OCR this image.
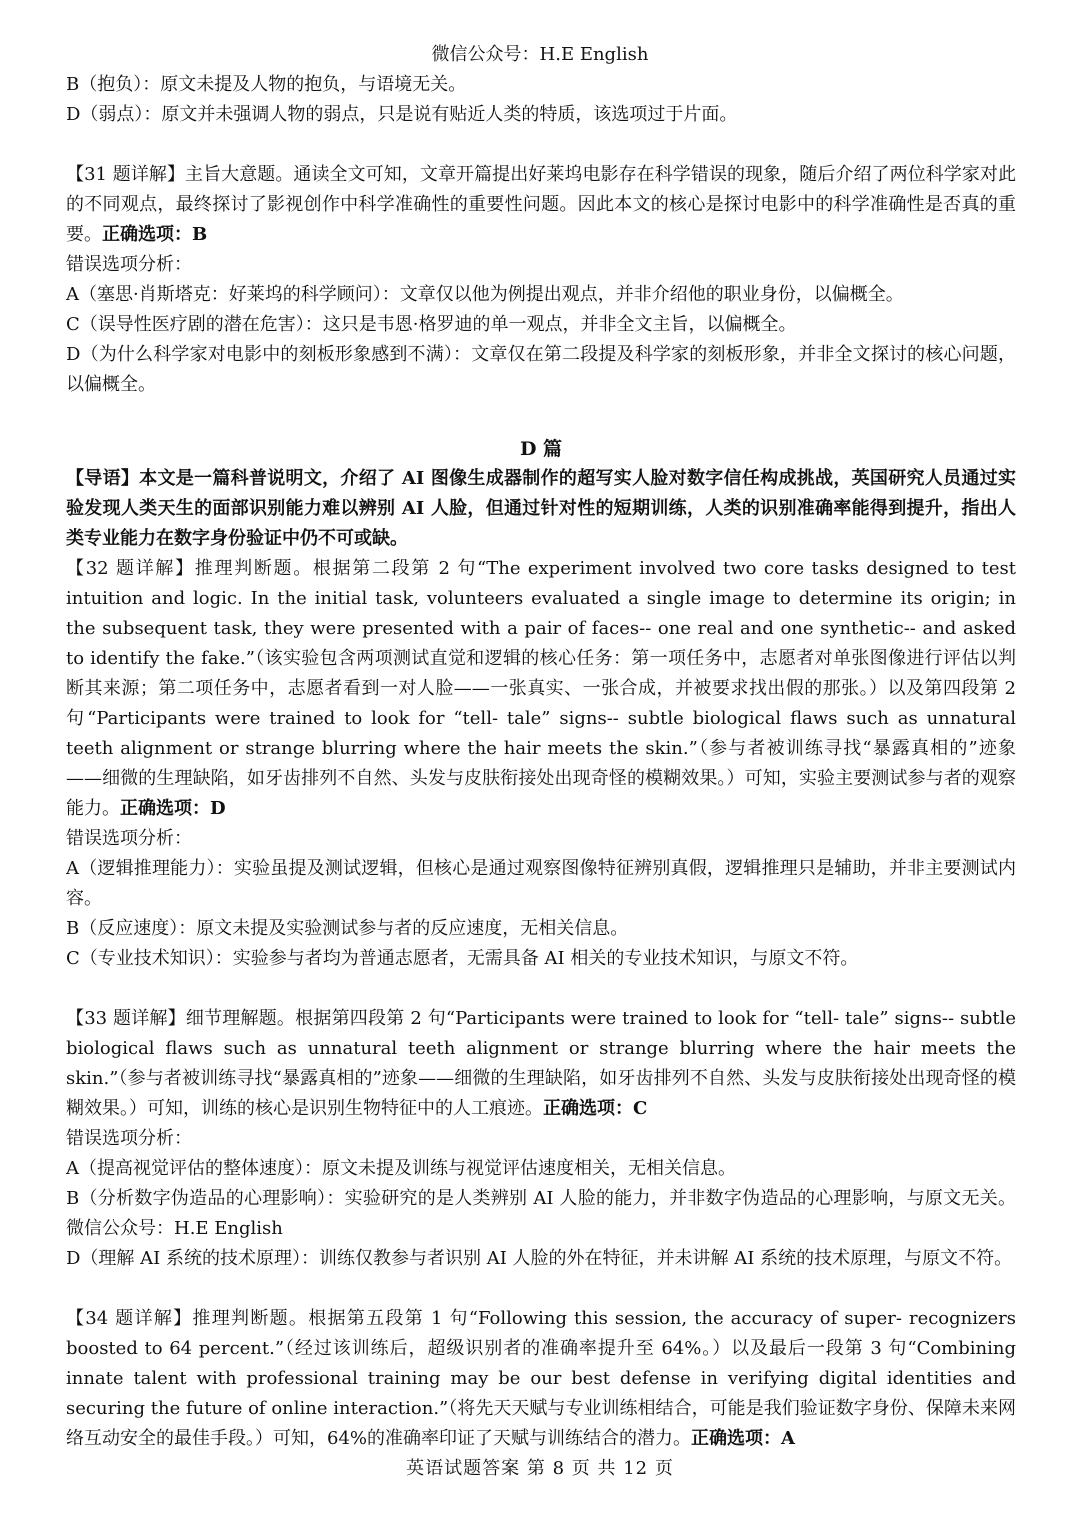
微信公众号：H.E English

B（抱负）：原文未提及人物的抱负，与语境无关。

D（弱点）：原文并未强调人物的弱点，只是说有贴近人类的特质，该选项过于片面。

【31 题详解】主旨大意题。通读全文可知，文章开篇提出好莱坞电影存在科学错误的现象，随后介绍了两位科学家对此的不同观点，最终探讨了影视创作中科学准确性的重要性问题。因此本文的核心是探讨电影中的科学准确性是否真的重要。正确选项：B

错误选项分析：

A（塞思·肖斯塔克：好莱坞的科学顾问）：文章仅以他为例提出观点，并非介绍他的职业身份，以偏概全。

C（误导性医疗剧的潜在危害）：这只是韦恩·格罗迪的单一观点，并非全文主旨，以偏概全。

D（为什么科学家对电影中的刻板形象感到不满）：文章仅在第二段提及科学家的刻板形象，并非全文探讨的核心问题，以偏概全。

D 篇

【导语】本文是一篇科普说明文，介绍了 AI 图像生成器制作的超写实人脸对数字信任构成挑战，英国研究人员通过实验发现人类天生的面部识别能力难以辨别 AI 人脸，但通过针对性的短期训练，人类的识别准确率能得到提升，指出人类专业能力在数字身份验证中仍不可或缺。

【32 题详解】推理判断题。根据第二段第 2 句“The experiment involved two core tasks designed to test intuition and logic. In the initial task, volunteers evaluated a single image to determine its origin; in the subsequent task, they were presented with a pair of faces-- one real and one synthetic-- and asked to identify the fake.”（该实验包含两项测试直觉和逻辑的核心任务：第一项任务中，志愿者对单张图像进行评估以判断其来源；第二项任务中，志愿者看到一对人脸——一张真实、一张合成，并被要求找出假的那张。）以及第四段第 2 句“Participants were trained to look for “tell- tale” signs-- subtle biological flaws such as unnatural teeth alignment or strange blurring where the hair meets the skin.”（参与者被训练寻找“暴露真相的”迹象——细微的生理缺陷，如牙齿排列不自然、头发与皮肤衔接处出现奇怪的模糊效果。）可知，实验主要测试参与者的观察能力。正确选项：D

错误选项分析：

A（逻辑推理能力）：实验虽提及测试逻辑，但核心是通过观察图像特征辨别真假，逻辑推理只是辅助，并非主要测试内容。

B（反应速度）：原文未提及实验测试参与者的反应速度，无相关信息。

C（专业技术知识）：实验参与者均为普通志愿者，无需具备 AI 相关的专业技术知识，与原文不符。

【33 题详解】细节理解题。根据第四段第 2 句“Participants were trained to look for “tell- tale” signs-- subtle biological flaws such as unnatural teeth alignment or strange blurring where the hair meets the skin.”（参与者被训练寻找“暴露真相的”迹象——细微的生理缺陷，如牙齿排列不自然、头发与皮肤衔接处出现奇怪的模糊效果。）可知，训练的核心是识别生物特征中的人工痕迹。正确选项：C

错误选项分析：

A（提高视觉评估的整体速度）：原文未提及训练与视觉评估速度相关，无相关信息。

B（分析数字伪造品的心理影响）：实验研究的是人类辨别 AI 人脸的能力，并非数字伪造品的心理影响，与原文无关。微信公众号：H.E English

D（理解 AI 系统的技术原理）：训练仅教参与者识别 AI 人脸的外在特征，并未讲解 AI 系统的技术原理，与原文不符。

【34 题详解】推理判断题。根据第五段第 1 句“Following this session, the accuracy of super- recognizers boosted to 64 percent.”（经过该训练后，超级识别者的准确率提升至 64%。）以及最后一段第 3 句“Combining innate talent with professional training may be our best defense in verifying digital identities and securing the future of online interaction.”（将先天天赋与专业训练相结合，可能是我们验证数字身份、保障未来网络互动安全的最佳手段。）可知，64%的准确率印证了天赋与训练结合的潜力。正确选项：A

英语试题答案 第 8 页 共 12 页
